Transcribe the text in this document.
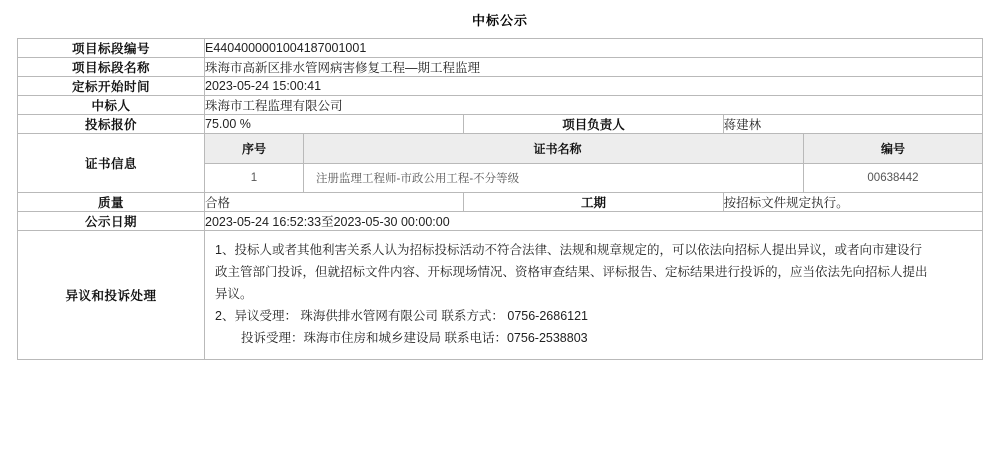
中标公示
项目标段编号	E4404000001004187001001
项目标段名称	珠海市高新区排水管网病害修复工程—期工程监理
定标开始时间	2023-05-24 15:00:41
中标人	珠海市工程监理有限公司
投标报价	75.00 %	项目负责人	蒋建林
证书信息	
序号	证书名称	编号
1	注册监理工程师-市政公用工程-不分等级	00638442

质量	合格	工期	按招标文件规定执行。
公示日期	2023-05-24 16:52:33至2023-05-30 00:00:00
异议和投诉处理	

1、投标人或者其他利害关系人认为招标投标活动不符合法律、法规和规章规定的，可以依法向招标人提出异议，或者向市建设行

政主管部门投诉，但就招标文件内容、开标现场情况、资格审查结果、评标报告、定标结果进行投诉的，应当依法先向招标人提出

异议。

2、异议受理： 珠海供排水管网有限公司 联系方式： 0756-2686121

投诉受理：珠海市住房和城乡建设局 联系电话：0756-2538803
